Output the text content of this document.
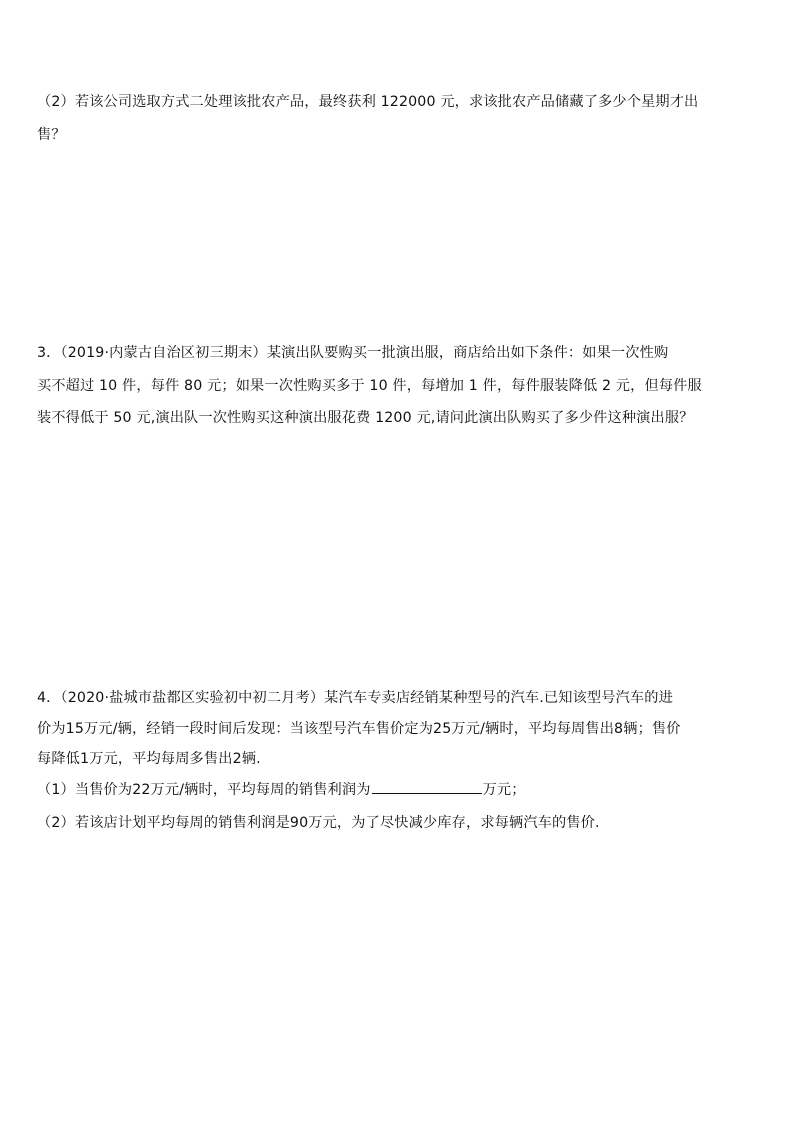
（2）若该公司选取方式二处理该批农产品，最终获利 122000 元，求该批农产品储藏了多少个星期才出
售？
3．（2019·内蒙古自治区初三期末）某演出队要购买一批演出服，商店给出如下条件：如果一次性购
买不超过 10 件，每件 80 元；如果一次性购买多于 10 件，每增加 1 件，每件服装降低 2 元，但每件服
装不得低于 50 元,演出队一次性购买这种演出服花费 1200 元,请问此演出队购买了多少件这种演出服？
4．（2020·盐城市盐都区实验初中初二月考）某汽车专卖店经销某种型号的汽车.已知该型号汽车的进
价为15万元/辆，经销一段时间后发现：当该型号汽车售价定为25万元/辆时，平均每周售出8辆；售价
每降低1万元，平均每周多售出2辆.
（1）当售价为22万元/辆时，平均每周的销售利润为	万元；
（2）若该店计划平均每周的销售利润是90万元，为了尽快减少库存，求每辆汽车的售价.
